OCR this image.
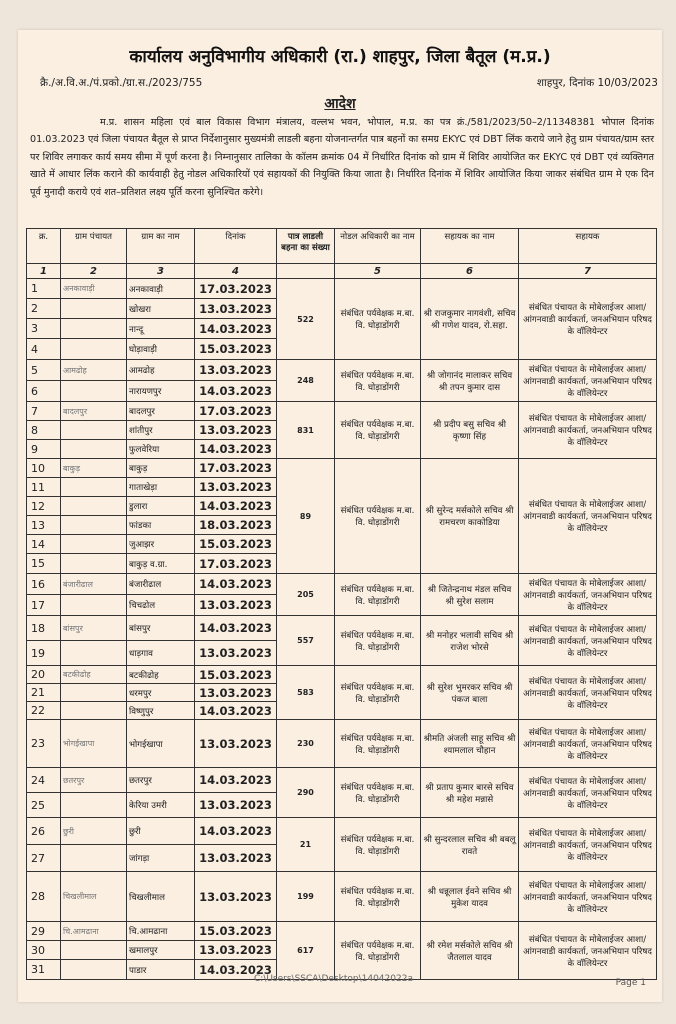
कार्यालय अनुविभागीय अधिकारी (रा.) शाहपुर, जिला बैतूल (म.प्र.)
क्रै./अ.वि.अ./पं.प्रको./ग्रा.स./2023/755	शाहपुर, दिनांक 10/03/2023
आदेश
म.प्र. शासन महिला एवं बाल विकास विभाग मंत्रालय, वल्लभ भवन, भोपाल, म.प्र. का पत्र क्रं./581/2023/50–2/11348381 भोपाल दिनांक 01.03.2023 एवं जिला पंचायत बैतूल से प्राप्त निर्देशानुसार मुख्यमंत्री लाडली बहना योजनान्तर्गत पात्र बहनों का समग्र EKYC एवं DBT लिंक कराये जाने हेतु ग्राम पंचायत/ग्राम स्तर पर शिविर लगाकर कार्य समय सीमा में पूर्ण करना है। निम्नानुसार तालिका के कॉलम क्रमांक 04 में निर्धारित दिनांक को ग्राम में शिविर आयोजित कर EKYC एवं DBT एवं व्यक्तिगत खाते में आधार लिंक कराने की कार्यवाही हेतु नोडल अधिकारियों एवं सहायकों की नियुक्ति किया जाता है। निर्धारित दिनांक में शिविर आयोजित किया जाकर संबंधित ग्राम मे एक दिन पूर्व मुनादी कराये एवं शत–प्रतिशत लक्ष्य पूर्ति करना सुनिश्चित करेगे।
क्र.	ग्राम पंचायत	ग्राम का नाम	दिनांक	पात्र लाडली बहना का संख्या	नोडल अधिकारी का नाम	सहायक का नाम	सहायक
1	2	3	4		5	6	7
1	अनकावाड़ी	अनकावाड़ी	17.03.2023	522	संबंधित पर्यवेक्षक म.बा. वि. घोड़ाडोंगरी	श्री राजकुमार नागवंशी, सचिव श्री गणेश यादव, रो.सहा.	संबंधित पंचायत के मोबेलाईजर आशा/आंगनवाडी कार्यकर्ता, जनअभियान परिषद के वॉलियेन्टर
2		खोखरा	13.03.2023				
3		नान्दू	14.03.2023				
4		घोड़ावाड़ी	15.03.2023				
5	आमढोह	आमढोह	13.03.2023	248	संबंधित पर्यवेक्षक म.बा. वि. घोड़ाडोंगरी	श्री जोगानंद मालाकर सचिव श्री तपन कुमार दास	संबंधित पंचायत के मोबेलाईजर आशा/आंगनवाडी कार्यकर्ता, जनअभियान परिषद के वॉलियेन्टर
6		नारायणपुर	14.03.2023				
7	बादलपुर	बादलपुर	17.03.2023	831	संबंधित पर्यवेक्षक म.बा. वि. घोड़ाडोंगरी	श्री प्रदीप बसु सचिव श्री कृष्णा सिंह	संबंधित पंचायत के मोबेलाईजर आशा/आंगनवाडी कार्यकर्ता, जनअभियान परिषद के वॉलियेन्टर
8		शांतीपुर	13.03.2023				
9		फुलवेरिया	14.03.2023				
10	बाकुड़	बाकुड़	17.03.2023	89	संबंधित पर्यवेक्षक म.बा. वि. घोड़ाडोंगरी	श्री सुरेन्द मर्सकोले सचिव श्री रामचरण काकोडिया	संबंधित पंचायत के मोबेलाईजर आशा/आंगनवाडी कार्यकर्ता, जनअभियान परिषद के वॉलियेन्टर
11		गाताखेड़ा	13.03.2023				
12		डुलारा	14.03.2023				
13		फांडका	18.03.2023				
14		जुआझर	15.03.2023				
15		बाकुड़ व.ग्रा.	17.03.2023				
16	बंजारीढाल	बंजारीढाल	14.03.2023	205	संबंधित पर्यवेक्षक म.बा. वि. घोड़ाडोंगरी	श्री जितेन्द्रनाथ मंडल सचिव श्री सुरेश सलाम	संबंधित पंचायत के मोबेलाईजर आशा/आंगनवाडी कार्यकर्ता, जनअभियान परिषद के वॉलियेन्टर
17		चिचढोल	13.03.2023				
18	बांसपुर	बांसपुर	14.03.2023	557	संबंधित पर्यवेक्षक म.बा. वि. घोड़ाडोंगरी	श्री मनोहर भलावी सचिव श्री राजेश भोरसे	संबंधित पंचायत के मोबेलाईजर आशा/आंगनवाडी कार्यकर्ता, जनअभियान परिषद के वॉलियेन्टर
19		धाड़गाव	13.03.2023				
20	बटकीढोह	बटकीढोह	15.03.2023	583	संबंधित पर्यवेक्षक म.बा. वि. घोड़ाडोंगरी	श्री सुरेश भुमरकर सचिव श्री पंकज बाला	संबंधित पंचायत के मोबेलाईजर आशा/आंगनवाडी कार्यकर्ता, जनअभियान परिषद के वॉलियेन्टर
21		धरमपुर	13.03.2023				
22		विष्णुपुर	14.03.2023				
23	भोगईखापा	भोगईखापा	13.03.2023	230	संबंधित पर्यवेक्षक म.बा. वि. घोड़ाडोंगरी	श्रीमति अंजली साहू सचिव श्री श्यामलाल चौहान	संबंधित पंचायत के मोबेलाईजर आशा/आंगनवाडी कार्यकर्ता, जनअभियान परिषद के वॉलियेन्टर
24	छतरपुर	छतरपुर	14.03.2023	290	संबंधित पर्यवेक्षक म.बा. वि. घोड़ाडोंगरी	श्री प्रताप कुमार बारसे सचिव श्री महेश मन्नासे	संबंधित पंचायत के मोबेलाईजर आशा/आंगनवाडी कार्यकर्ता, जनअभियान परिषद के वॉलियेन्टर
25		केरिया उमरी	13.03.2023				
26	छुरी	छुरी	14.03.2023	21	संबंधित पर्यवेक्षक म.बा. वि. घोड़ाडोंगरी	श्री सुन्दरलाल सचिव श्री बबलू रावते	संबंधित पंचायत के मोबेलाईजर आशा/आंगनवाडी कार्यकर्ता, जनअभियान परिषद के वॉलियेन्टर
27		जांगड़ा	13.03.2023				
28	चिखलीमाल	चिखलीमाल	13.03.2023	199	संबंधित पर्यवेक्षक म.बा. वि. घोड़ाडोंगरी	श्री धन्नूलाल ईवने सचिव श्री मुकेश यादव	संबंधित पंचायत के मोबेलाईजर आशा/आंगनवाडी कार्यकर्ता, जनअभियान परिषद के वॉलियेन्टर
29	चि.आमढाना	चि.आमढाना	15.03.2023	617	संबंधित पर्यवेक्षक म.बा. वि. घोड़ाडोंगरी	श्री रमेश मर्सकोले सचिव श्री जैतलाल यादव	संबंधित पंचायत के मोबेलाईजर आशा/आंगनवाडी कार्यकर्ता, जनअभियान परिषद के वॉलियेन्टर
30		खमालपुर	13.03.2023				
31		पाडार	14.03.2023				
C:\Users\SSCA\Desktop\14042022a	Page 1
